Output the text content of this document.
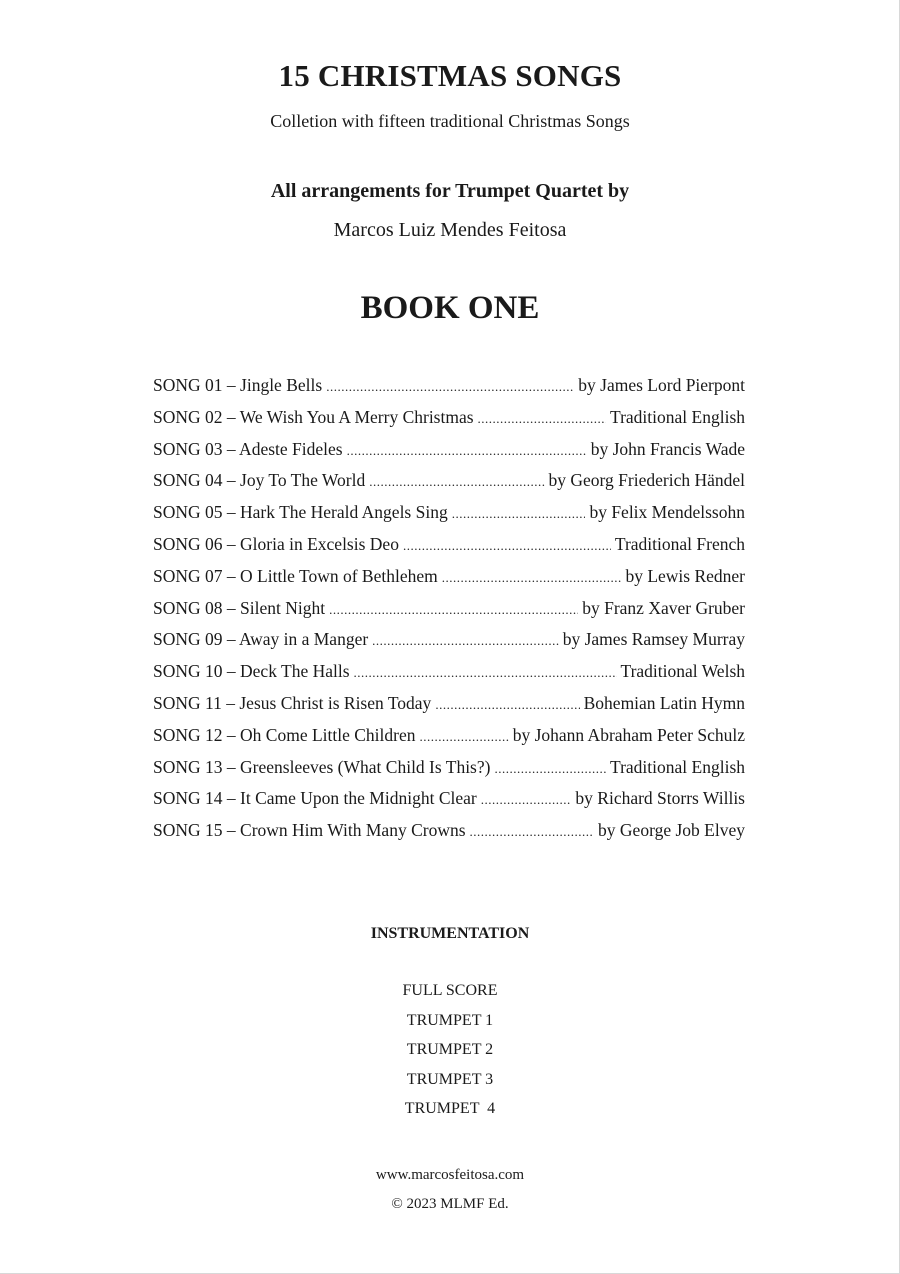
15 CHRISTMAS SONGS
Colletion with fifteen traditional Christmas Songs
All arrangements for Trumpet Quartet by
Marcos Luiz Mendes Feitosa
BOOK ONE
SONG 01 – Jingle Bells .....	by James Lord Pierpont
SONG 02 – We Wish You A Merry Christmas .....	Traditional English
SONG 03 – Adeste Fideles .....	by John Francis Wade
SONG 04 – Joy To The World .....	by Georg Friederich Händel
SONG 05 – Hark The Herald Angels Sing .....	by Felix Mendelssohn
SONG 06 – Gloria in Excelsis Deo .....	Traditional French
SONG 07 – O Little Town of Bethlehem .....	by Lewis Redner
SONG 08 – Silent Night .....	by Franz Xaver Gruber
SONG 09 – Away in a Manger .....	by James Ramsey Murray
SONG 10 – Deck The Halls .....	Traditional Welsh
SONG 11 – Jesus Christ is Risen Today .....	Bohemian Latin Hymn
SONG 12 – Oh Come Little Children .....	by Johann Abraham Peter Schulz
SONG 13 – Greensleeves (What Child Is This?) .....	Traditional English
SONG 14 – It Came Upon the Midnight Clear .....	by Richard Storrs Willis
SONG 15 – Crown Him With Many Crowns .....	by George Job Elvey
INSTRUMENTATION
FULL SCORE
TRUMPET 1
TRUMPET 2
TRUMPET 3
TRUMPET  4
www.marcosfeitosa.com
© 2023 MLMF Ed.
